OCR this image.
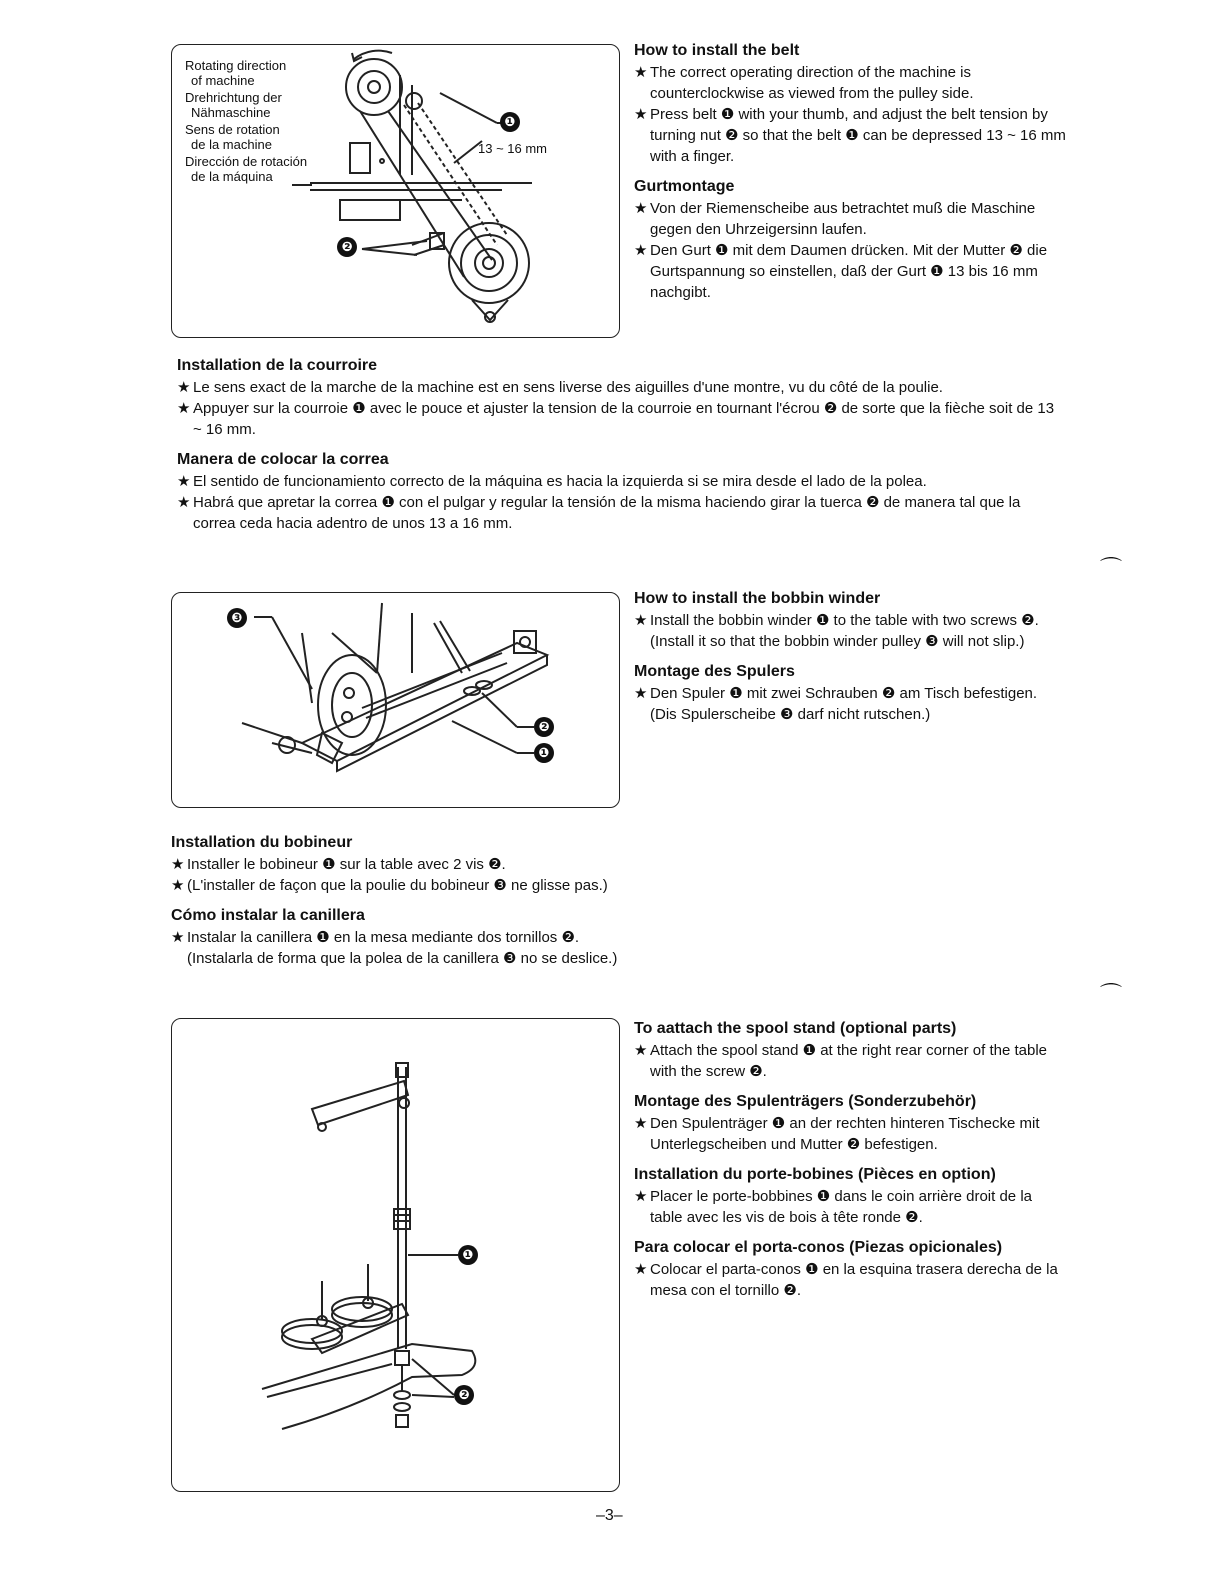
Rotating direction
of machine
Drehrichtung der
Nähmaschine
Sens de rotation
de la machine
Dirección de rotación
de la máquina
13 ~ 16 mm
❶
❷
How to install the belt
★ The correct operating direction of the machine is counterclockwise as viewed from the pulley side.
★ Press belt ❶ with your thumb, and adjust the belt tension by turning nut ❷ so that the belt ❶ can be depressed 13 ~ 16 mm with a finger.
Gurtmontage
★ Von der Riemenscheibe aus betrachtet muß die Maschine gegen den Uhrzeigersinn laufen.
★ Den Gurt ❶ mit dem Daumen drücken. Mit der Mutter ❷ die Gurtspannung so einstellen, daß der Gurt ❶ 13 bis 16 mm nachgibt.
Installation de la courroire
★ Le sens exact de la marche de la machine est en sens liverse des aiguilles d'une montre, vu du côté de la poulie.
★ Appuyer sur la courroie ❶ avec le pouce et ajuster la tension de la courroie en tournant l'écrou ❷ de sorte que la fièche soit de 13 ~ 16 mm.
Manera de colocar la correa
★ El sentido de funcionamiento correcto de la máquina es hacia la izquierda si se mira desde el lado de la polea.
★ Habrá que apretar la correa ❶ con el pulgar y regular la tensión de la misma haciendo girar la tuerca ❷ de manera tal que la correa ceda hacia adentro de unos 13 a 16 mm.
⌒
❸
❷
❶
How to install the bobbin winder
★ Install the bobbin winder ❶ to the table with two screws ❷.
(Install it so that the bobbin winder pulley ❸ will not slip.)
Montage des Spulers
★ Den Spuler ❶ mit zwei Schrauben ❷ am Tisch befestigen.
(Dis Spulerscheibe ❸ darf nicht rutschen.)
Installation du bobineur
★ Installer le bobineur ❶ sur la table avec 2 vis ❷.
★ (L'installer de façon que la poulie du bobineur ❸ ne glisse pas.)
Cómo instalar la canillera
★ Instalar la canillera ❶ en la mesa mediante dos tornillos ❷.
(Instalarla de forma que la polea de la canillera ❸ no se deslice.)
⌒
❶
❷
To aattach the spool stand (optional parts)
★ Attach the spool stand ❶ at the right rear corner of the table with the screw ❷.
Montage des Spulenträgers (Sonderzubehör)
★ Den Spulenträger ❶ an der rechten hinteren Tischecke mit Unterlegscheiben und Mutter ❷ befestigen.
Installation du porte-bobines (Pièces en option)
★ Placer le porte-bobbines ❶ dans le coin arrière droit de la table avec les vis de bois à tête ronde ❷.
Para colocar el porta-conos (Piezas opicionales)
★ Colocar el parta-conos ❶ en la esquina trasera derecha de la mesa con el tornillo ❷.
–3–
